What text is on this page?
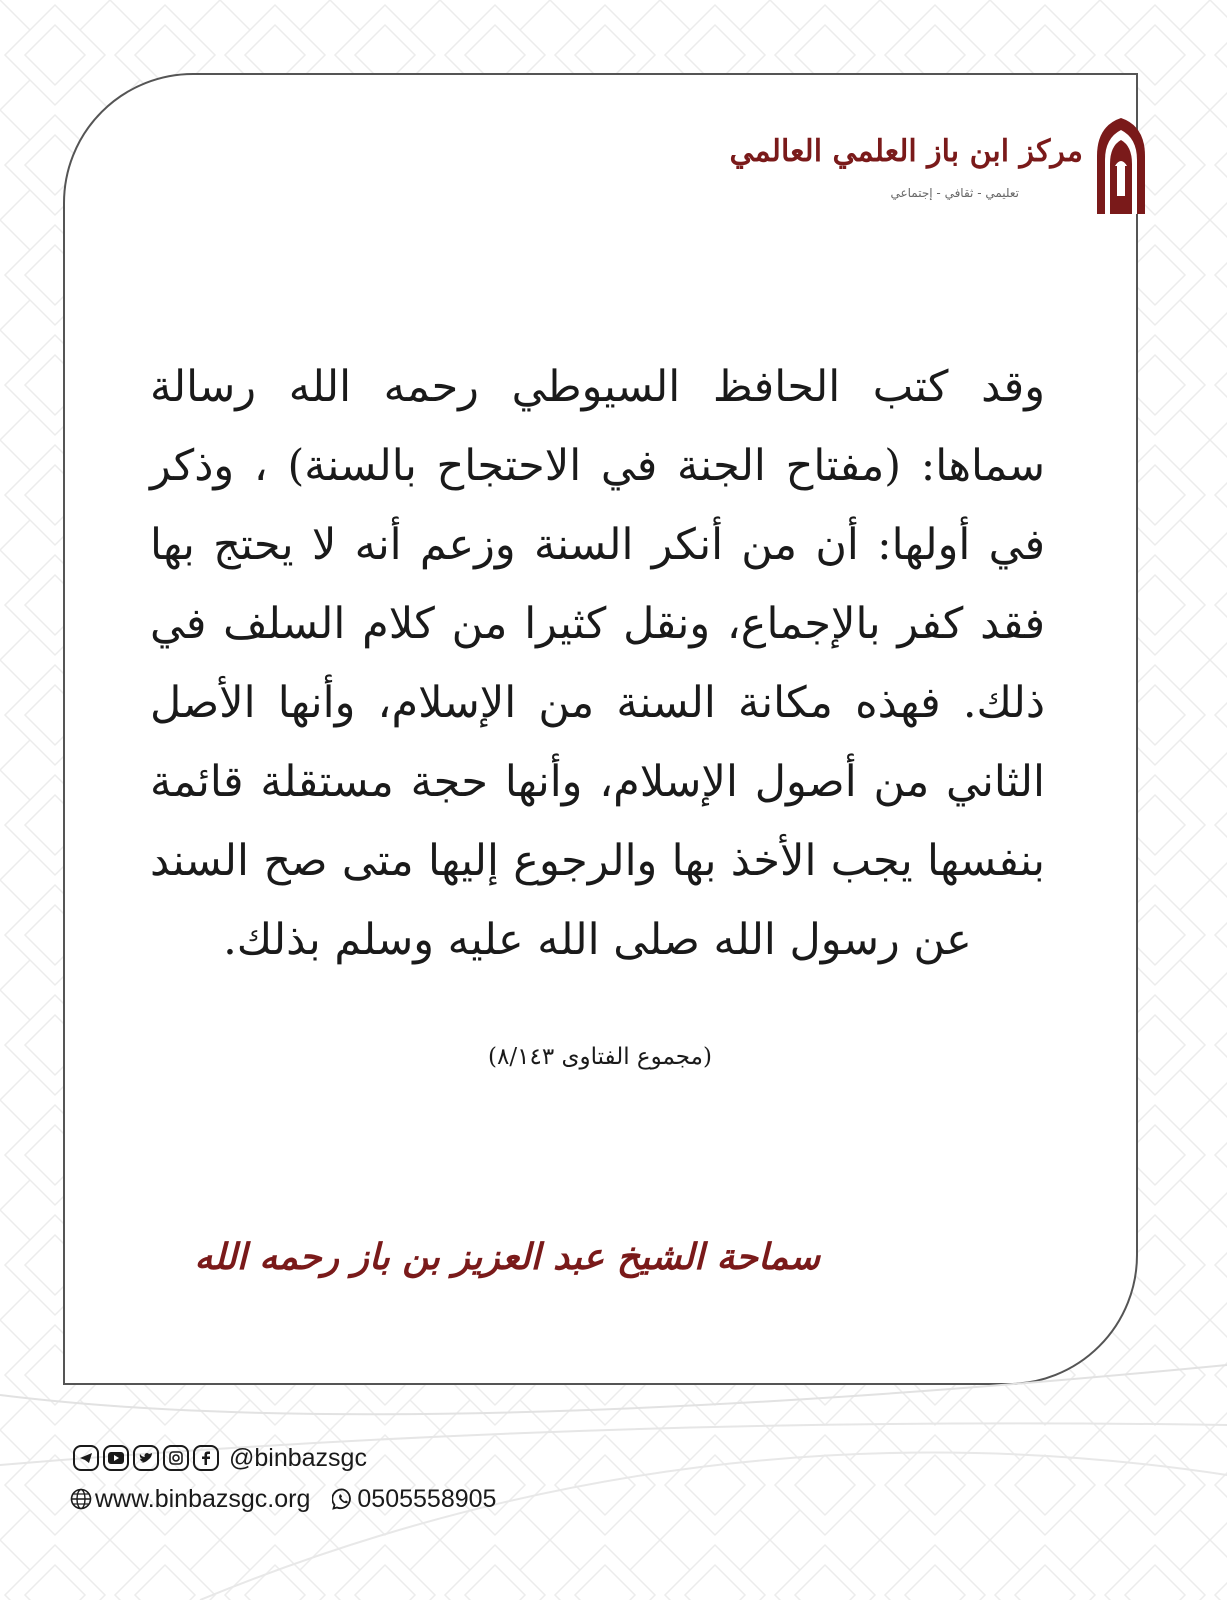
مركز ابن باز العلمي العالمي
تعليمي - ثقافي - إجتماعي

وقد كتب الحافظ السيوطي رحمه الله رسالة سماها: (مفتاح الجنة في الاحتجاح بالسنة) ، وذكر في أولها: أن من أنكر السنة وزعم أنه لا يحتج بها فقد كفر بالإجماع، ونقل كثيرا من كلام السلف في ذلك. فهذه مكانة السنة من الإسلام، وأنها الأصل الثاني من أصول الإسلام، وأنها حجة مستقلة قائمة بنفسها يجب الأخذ بها والرجوع إليها متى صح السند عن رسول الله صلى الله عليه وسلم بذلك.

(مجموع الفتاوى ٨/١٤٣)
سماحة الشيخ عبد العزيز بن باز رحمه الله
@binbazsgc
www.binbazsgc.org 0505558905
